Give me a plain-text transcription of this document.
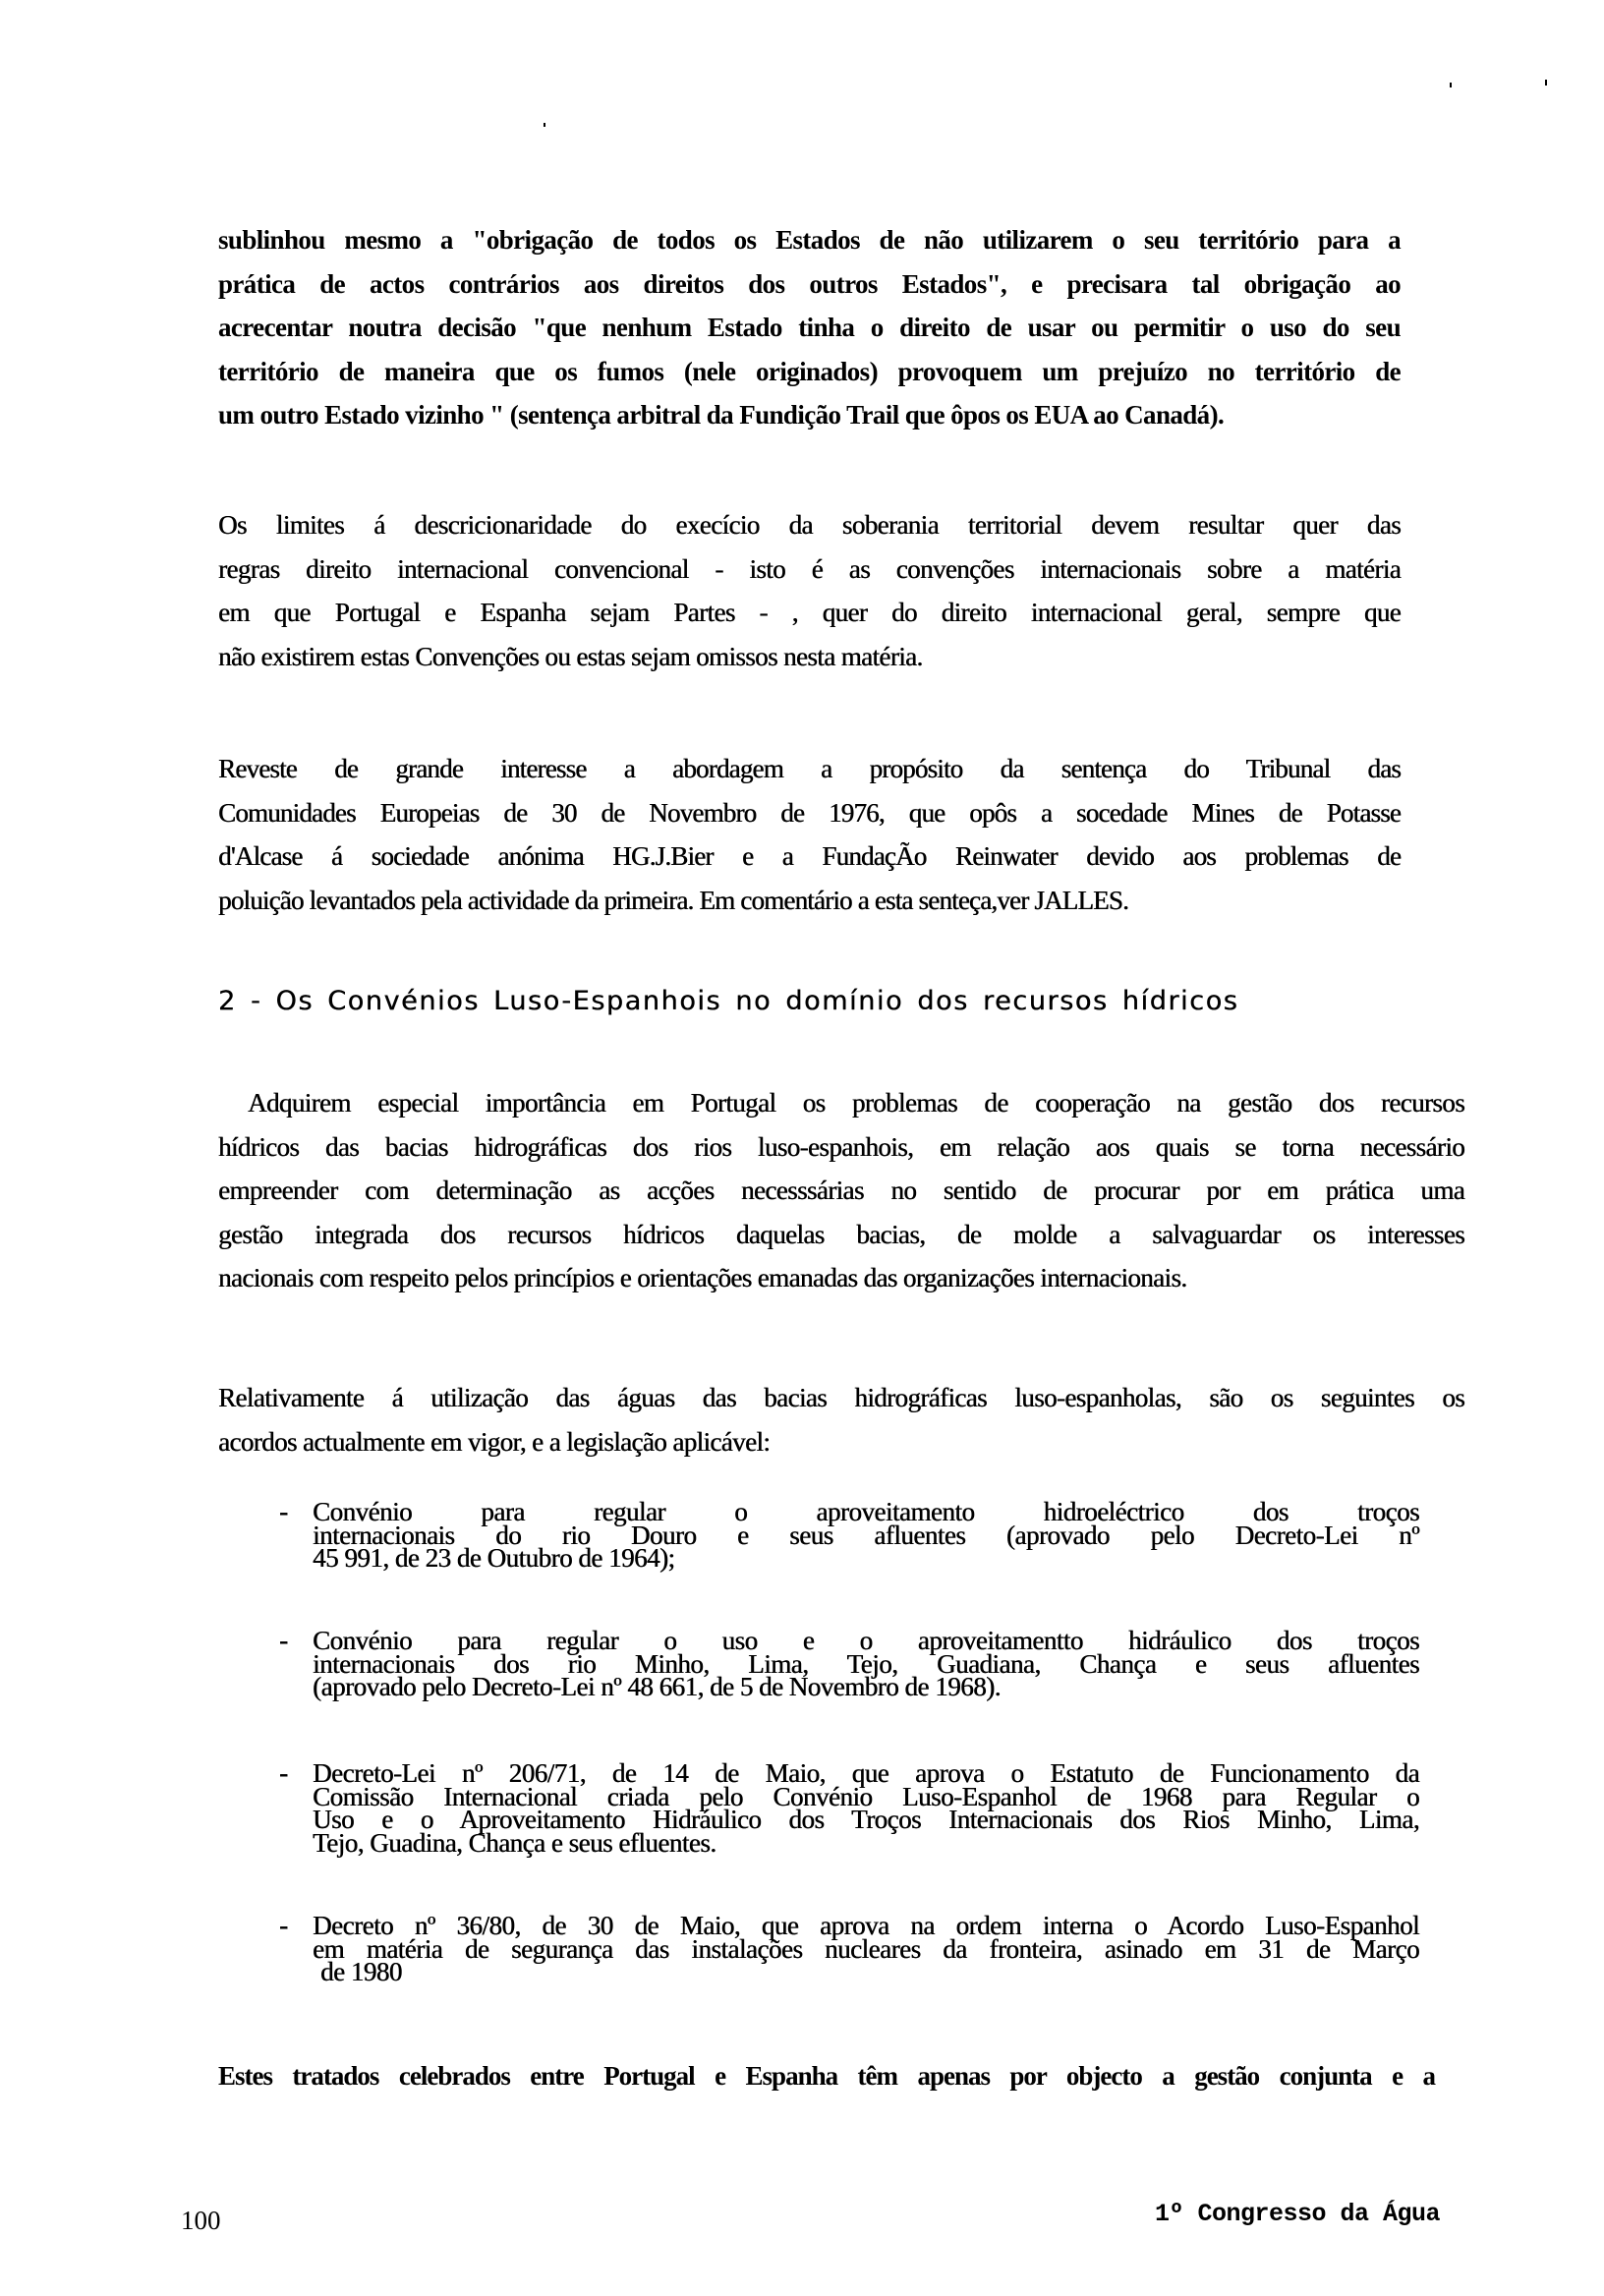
sublinhou mesmo a "obrigação de todos os Estados de não utilizarem o seu território para a
prática de actos contrários aos direitos dos outros Estados", e precisara tal obrigação ao
acrecentar noutra decisão "que nenhum Estado tinha o direito de usar ou permitir o uso do seu
território de maneira que os fumos (nele originados) provoquem um prejuízo no território de
um outro Estado vizinho " (sentença arbitral da Fundição Trail que ôpos os EUA ao Canadá).
Os limites á descricionaridade do execício da soberania territorial devem resultar quer das
regras direito internacional convencional - isto é as convenções internacionais sobre a matéria
em que Portugal e Espanha sejam Partes - , quer do direito internacional geral, sempre que
não existirem estas Convenções ou estas sejam omissos nesta matéria.
Reveste de grande interesse a abordagem a propósito da sentença do Tribunal das
Comunidades Europeias de 30 de Novembro de 1976, que opôs a socedade Mines de Potasse
d'Alcase á sociedade anónima HG.J.Bier e a FundaçÃo Reinwater devido aos problemas de
poluição levantados pela actividade da primeira. Em comentário a esta senteça,ver JALLES.
2 - Os Convénios Luso-Espanhois no domínio dos recursos hídricos
Adquirem especial importância em Portugal os problemas de cooperação na gestão dos recursos
hídricos das bacias hidrográficas dos rios luso-espanhois, em relação aos quais se torna necessário
empreender com determinação as acções necesssárias no sentido de procurar por em prática uma
gestão integrada dos recursos hídricos daquelas bacias, de molde a salvaguardar os interesses
nacionais com respeito pelos princípios e orientações emanadas das organizações internacionais.
Relativamente á utilização das águas das bacias hidrográficas luso-espanholas, são os seguintes os
acordos actualmente em vigor, e a legislação aplicável:
- Convénio para regular o aproveitamento hidroeléctrico dos troços
internacionais do rio Douro e seus afluentes (aprovado pelo Decreto-Lei nº
45 991, de 23 de Outubro de 1964);
- Convénio para regular o uso e o aproveitamentto hidráulico dos troços
internacionais dos rio Minho, Lima, Tejo, Guadiana, Chança e seus afluentes
(aprovado pelo Decreto-Lei nº 48 661, de 5 de Novembro de 1968).
- Decreto-Lei nº 206/71, de 14 de Maio, que aprova o Estatuto de Funcionamento da
Comissão Internacional criada pelo Convénio Luso-Espanhol de 1968 para Regular o
Uso e o Aproveitamento Hidráulico dos Troços Internacionais dos Rios Minho, Lima,
Tejo, Guadina, Chança e seus efluentes.
- Decreto nº 36/80, de 30 de Maio, que aprova na ordem interna o Acordo Luso-Espanhol
em matéria de segurança das instalações nucleares da fronteira, asinado em 31 de Março
de 1980
Estes tratados celebrados entre Portugal e Espanha têm apenas por objecto a gestão conjunta e a
100	1º Congresso da Água
